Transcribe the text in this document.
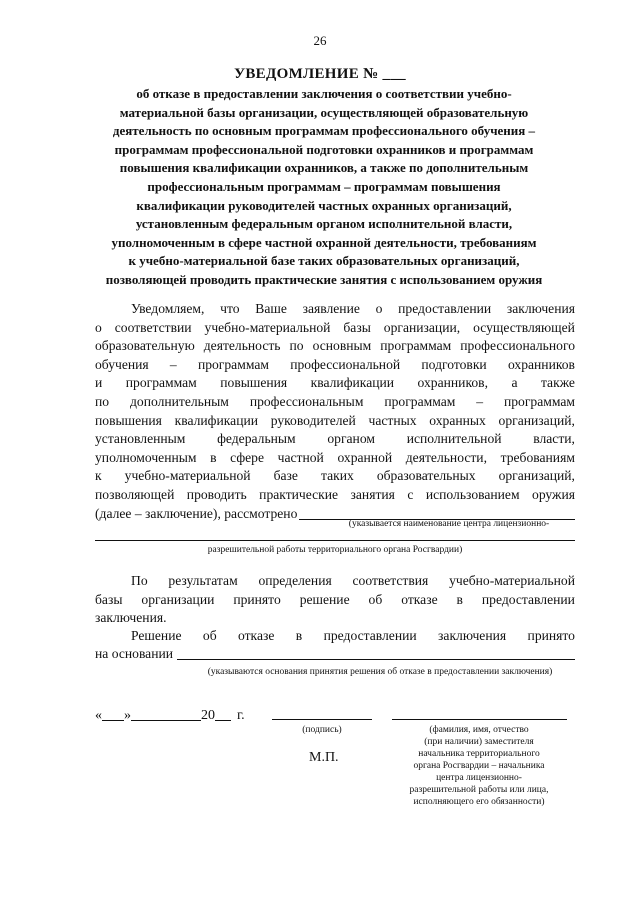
26
УВЕДОМЛЕНИЕ № ___
об отказе в предоставлении заключения о соответствии учебно-
материальной базы организации, осуществляющей образовательную
деятельность по основным программам профессионального обучения –
программам профессиональной подготовки охранников и программам
повышения квалификации охранников, а также по дополнительным
профессиональным программам – программам повышения
квалификации руководителей частных охранных организаций,
установленным федеральным органом исполнительной власти,
уполномоченным в сфере частной охранной деятельности, требованиям
к учебно-материальной базе таких образовательных организаций,
позволяющей проводить практические занятия с использованием оружия
Уведомляем, что Ваше заявление о предоставлении заключения
о соответствии учебно-материальной базы организации, осуществляющей
образовательную деятельность по основным программам профессионального
обучения – программам профессиональной подготовки охранников
и программам повышения квалификации охранников, а также
по дополнительным профессиональным программам – программам
повышения квалификации руководителей частных охранных организаций,
установленным федеральным органом исполнительной власти,
уполномоченным в сфере частной охранной деятельности, требованиям
к учебно-материальной базе таких образовательных организаций,
позволяющей проводить практические занятия с использованием оружия
(далее – заключение), рассмотрено
(указывается наименование центра лицензионно-
разрешительной работы территориального органа Росгвардии)
По результатам определения соответствия учебно-материальной
базы организации принято решение об отказе в предоставлении
заключения.
Решение об отказе в предоставлении заключения принято
на основании
(указываются основания принятия решения об отказе в предоставлении заключения)
« »	20 г.
(подпись)	(фамилия, имя, отчество
(при наличии) заместителя
начальника территориального
органа Росгвардии – начальника
центра лицензионно-
разрешительной работы или лица,
исполняющего его обязанности)
М.П.
